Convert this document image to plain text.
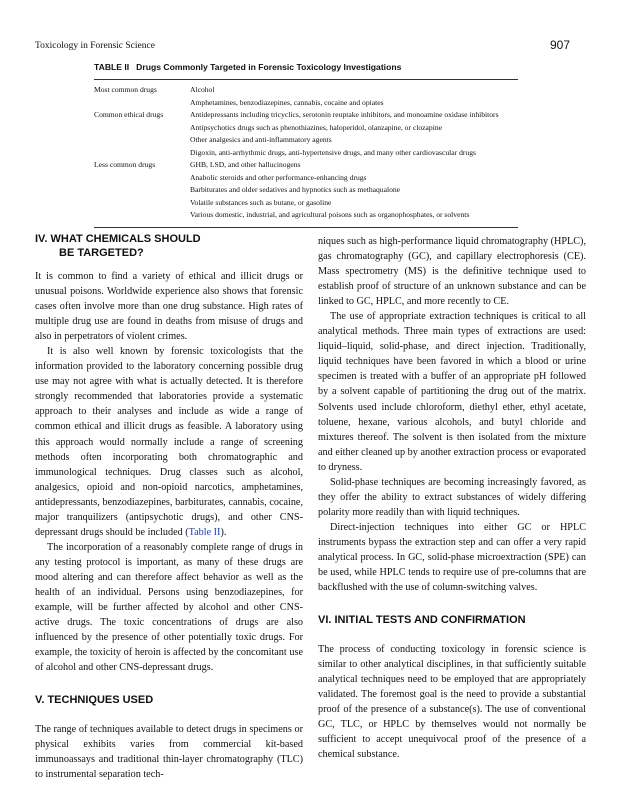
Toxicology in Forensic Science	907
TABLE II Drugs Commonly Targeted in Forensic Toxicology Investigations
Most common drugs	Alcohol
	Amphetamines, benzodiazepines, cannabis, cocaine and opiates
Common ethical drugs	Antidepressants including tricyclics, serotonin reuptake inhibitors, and monoamine oxidase inhibitors
	Antipsychotics drugs such as phenothiazines, haloperidol, olanzapine, or clozapine
	Other analgesics and anti-inflammatory agents
	Digoxin, anti-arrhythmic drugs, anti-hypertensive drugs, and many other cardiovascular drugs
Less common drugs	GHB, LSD, and other hallucinogens
	Anabolic steroids and other performance-enhancing drugs
	Barbiturates and older sedatives and hypnotics such as methaqualone
	Volatile substances such as butane, or gasoline
	Various domestic, industrial, and agricultural poisons such as organophosphates, or solvents
IV. WHAT CHEMICALS SHOULD
BE TARGETED?

It is common to find a variety of ethical and illicit drugs or unusual poisons. Worldwide experience also shows that forensic cases often involve more than one drug substance. High rates of multiple drug use are found in deaths from misuse of drugs and also in perpetrators of violent crimes.

It is also well known by forensic toxicologists that the information provided to the laboratory concerning possible drug use may not agree with what is actually detected. It is therefore strongly recommended that laboratories provide a systematic approach to their analyses and include as wide a range of common ethical and illicit drugs as feasible. A laboratory using this approach would normally include a range of screening methods often incorporating both chromatographic and immunological techniques. Drug classes such as alcohol, analgesics, opioid and non-opioid narcotics, amphetamines, antidepressants, benzodiazepines, barbiturates, cannabis, cocaine, major tranquilizers (antipsychotic drugs), and other CNS-depressant drugs should be included (Table II).

The incorporation of a reasonably complete range of drugs in any testing protocol is important, as many of these drugs are mood altering and can therefore affect behavior as well as the health of an individual. Persons using benzodiazepines, for example, will be further affected by alcohol and other CNS-active drugs. The toxic concentrations of drugs are also influenced by the presence of other potentially toxic drugs. For example, the toxicity of heroin is affected by the concomitant use of alcohol and other CNS-depressant drugs.

V. TECHNIQUES USED

The range of techniques available to detect drugs in specimens or physical exhibits varies from commercial kit-based immunoassays and traditional thin-layer chromatography (TLC) to instrumental separation tech-

niques such as high-performance liquid chromatography (HPLC), gas chromatography (GC), and capillary electrophoresis (CE). Mass spectrometry (MS) is the definitive technique used to establish proof of structure of an unknown substance and can be linked to GC, HPLC, and more recently to CE.

The use of appropriate extraction techniques is critical to all analytical methods. Three main types of extractions are used: liquid–liquid, solid-phase, and direct injection. Traditionally, liquid techniques have been favored in which a blood or urine specimen is treated with a buffer of an appropriate pH followed by a solvent capable of partitioning the drug out of the matrix. Solvents used include chloroform, diethyl ether, ethyl acetate, toluene, hexane, various alcohols, and butyl chloride and mixtures thereof. The solvent is then isolated from the mixture and either cleaned up by another extraction process or evaporated to dryness.

Solid-phase techniques are becoming increasingly favored, as they offer the ability to extract substances of widely differing polarity more readily than with liquid techniques.

Direct-injection techniques into either GC or HPLC instruments bypass the extraction step and can offer a very rapid analytical process. In GC, solid-phase microextraction (SPE) can be used, while HPLC tends to require use of pre-columns that are backflushed with the use of column-switching valves.

VI. INITIAL TESTS AND CONFIRMATION

The process of conducting toxicology in forensic science is similar to other analytical disciplines, in that sufficiently suitable analytical techniques need to be employed that are appropriately validated. The foremost goal is the need to provide a substantial proof of the presence of a substance(s). The use of conventional GC, TLC, or HPLC by themselves would not normally be sufficient to accept unequivocal proof of the presence of a chemical substance.
